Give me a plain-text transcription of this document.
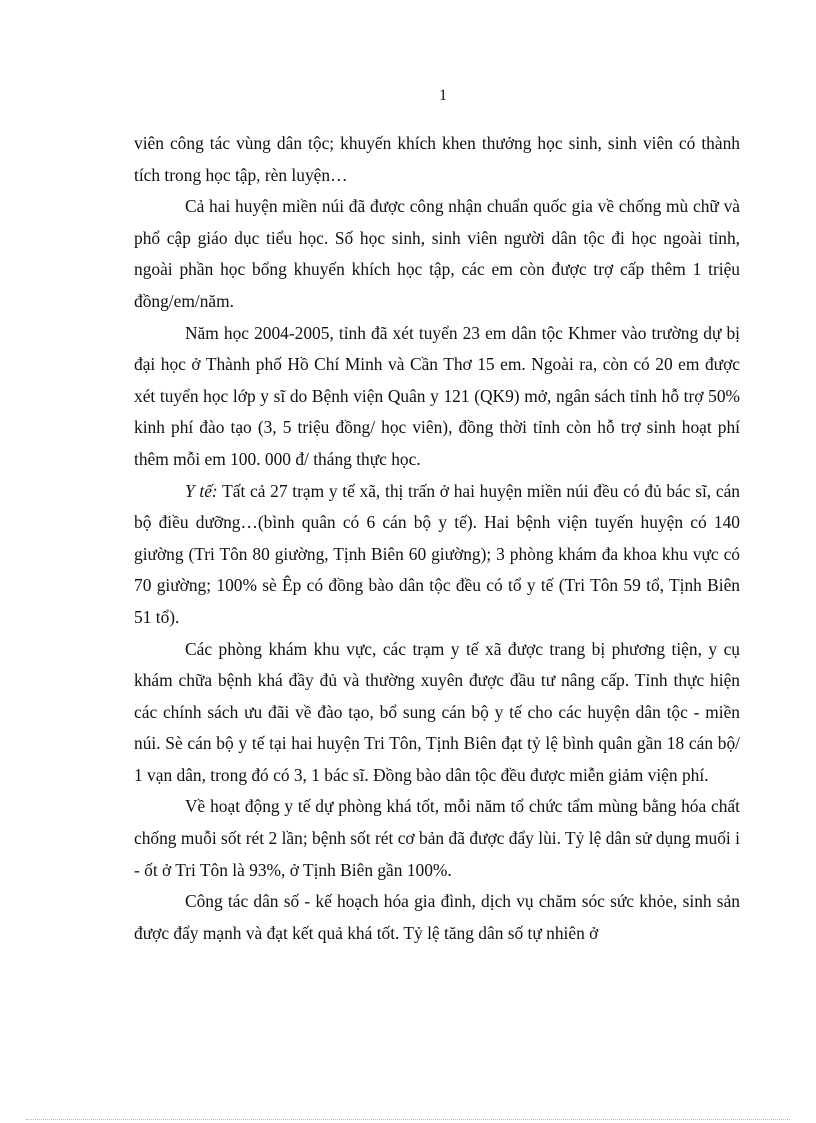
1

viên công tác vùng dân tộc; khuyến khích khen thưởng học sinh, sinh viên có thành tích trong học tập, rèn luyện…

Cả hai huyện miền núi đã được công nhận chuẩn quốc gia về chống mù chữ và phổ cập giáo dục tiểu học. Số học sinh, sinh viên người dân tộc đi học ngoài tỉnh, ngoài phần học bổng khuyến khích học tập, các em còn được trợ cấp thêm 1 triệu đồng/em/năm.

Năm học 2004-2005, tỉnh đã xét tuyển 23 em dân tộc Khmer vào trường dự bị đại học ở Thành phố Hồ Chí Minh và Cần Thơ 15 em. Ngoài ra, còn có 20 em được xét tuyển học lớp y sĩ do Bệnh viện Quân y 121 (QK9) mở, ngân sách tỉnh hỗ trợ 50% kinh phí đào tạo (3, 5 triệu đồng/ học viên), đồng thời tỉnh còn hỗ trợ sinh hoạt phí thêm mỗi em 100. 000 đ/ tháng thực học.

Y tế: Tất cả 27 trạm y tế xã, thị trấn ở hai huyện miền núi đều có đủ bác sĩ, cán bộ điều dưỡng…(bình quân có 6 cán bộ y tế). Hai bệnh viện tuyến huyện có 140 giường (Tri Tôn 80 giường, Tịnh Biên 60 giường); 3 phòng khám đa khoa khu vực có 70 giường; 100% sè Êp có đồng bào dân tộc đều có tổ y tế (Tri Tôn 59 tổ, Tịnh Biên 51 tổ).

Các phòng khám khu vực, các trạm y tế xã được trang bị phương tiện, y cụ khám chữa bệnh khá đầy đủ và thường xuyên được đầu tư nâng cấp. Tỉnh thực hiện các chính sách ưu đãi về đào tạo, bổ sung cán bộ y tế cho các huyện dân tộc - miền núi. Sè cán bộ y tế tại hai huyện Tri Tôn, Tịnh Biên đạt tỷ lệ bình quân gần 18 cán bộ/ 1 vạn dân, trong đó có 3, 1 bác sĩ. Đồng bào dân tộc đều được miễn giảm viện phí.

Về hoạt động y tế dự phòng khá tốt, mỗi năm tổ chức tẩm mùng bằng hóa chất chống muỗi sốt rét 2 lần; bệnh sốt rét cơ bản đã được đẩy lùi. Tỷ lệ dân sử dụng muối i - ốt ở Tri Tôn là 93%, ở Tịnh Biên gần 100%.

Công tác dân số - kế hoạch hóa gia đình, dịch vụ chăm sóc sức khỏe, sinh sản được đẩy mạnh và đạt kết quả khá tốt. Tỷ lệ tăng dân số tự nhiên ở
